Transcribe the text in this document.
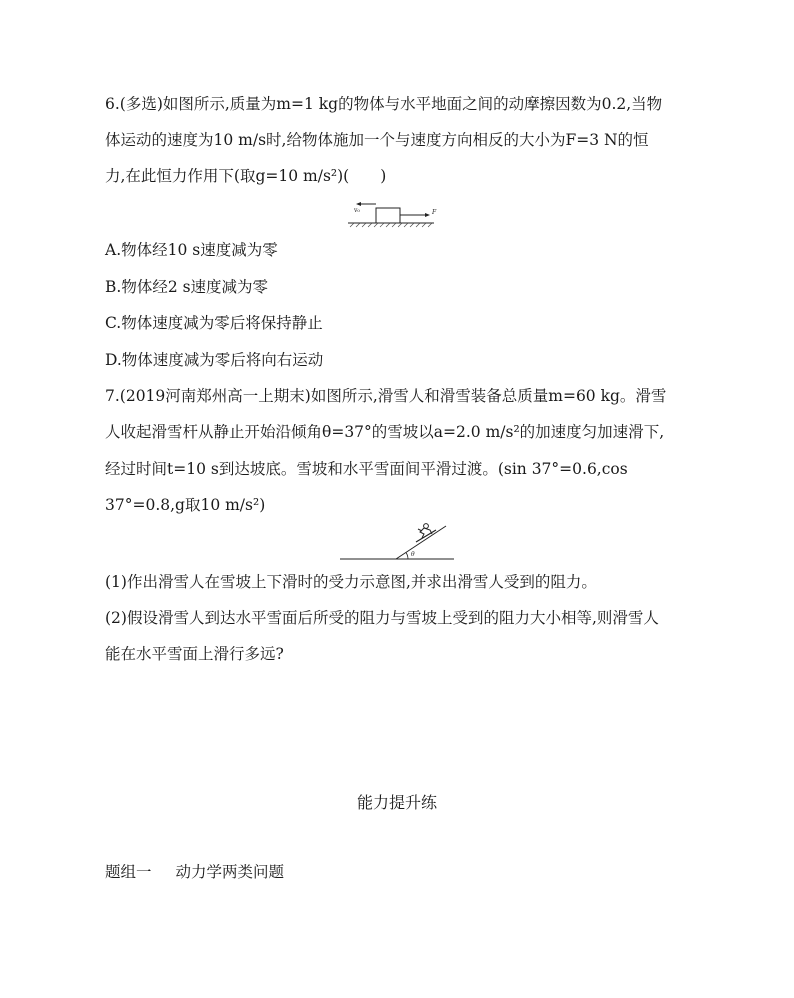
6.(多选)如图所示,质量为m=1 kg的物体与水平地面之间的动摩擦因数为0.2,当物
体运动的速度为10 m/s时,给物体施加一个与速度方向相反的大小为F=3 N的恒
力,在此恒力作用下(取g=10 m/s²)(　　)
v₀	F
A.物体经10 s速度减为零
B.物体经2 s速度减为零
C.物体速度减为零后将保持静止
D.物体速度减为零后将向右运动
7.(2019河南郑州高一上期末)如图所示,滑雪人和滑雪装备总质量m=60 kg。滑雪
人收起滑雪杆从静止开始沿倾角θ=37°的雪坡以a=2.0 m/s²的加速度匀加速滑下,
经过时间t=10 s到达坡底。雪坡和水平雪面间平滑过渡。(sin 37°=0.6,cos
37°=0.8,g取10 m/s²)
θ
(1)作出滑雪人在雪坡上下滑时的受力示意图,并求出滑雪人受到的阻力。
(2)假设滑雪人到达水平雪面后所受的阻力与雪坡上受到的阻力大小相等,则滑雪人
能在水平雪面上滑行多远?
能力提升练
题组一 动力学两类问题
